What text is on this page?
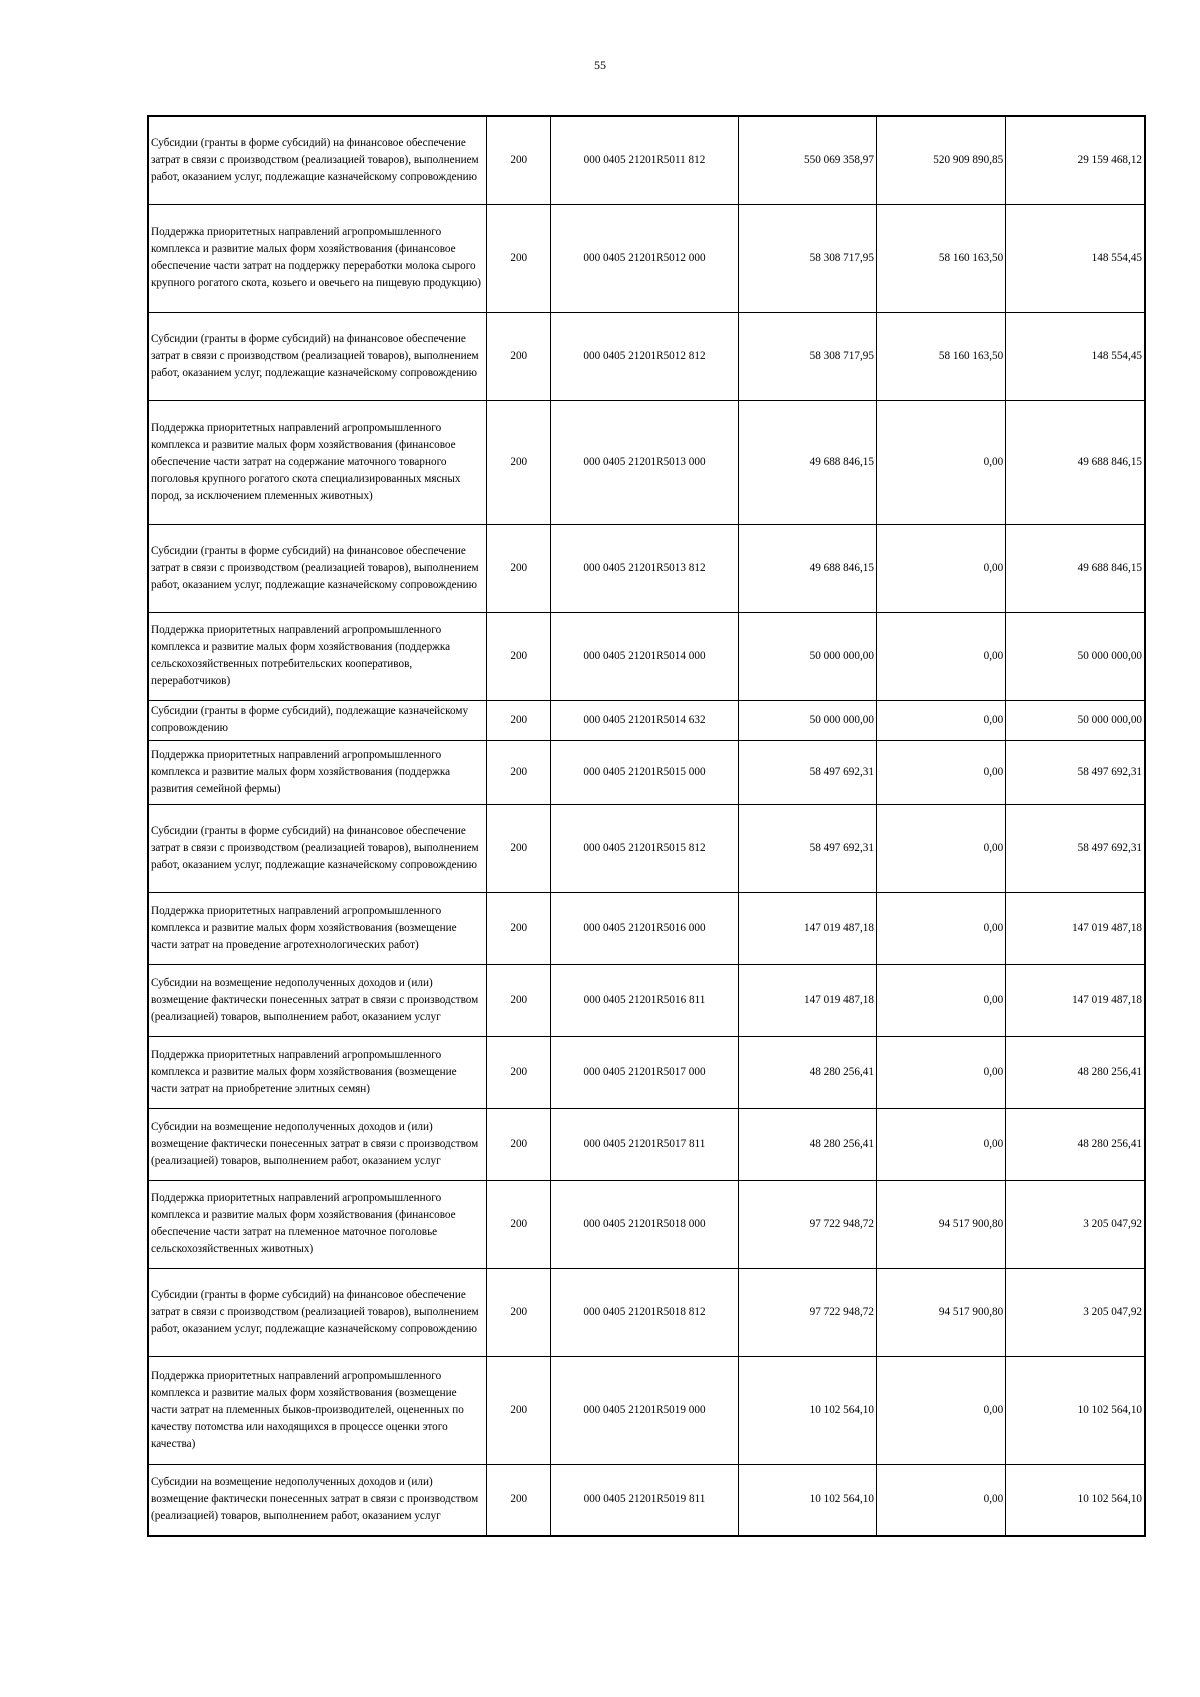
55
Субсидии (гранты в форме субсидий) на финансовое обеспечение затрат в связи с производством (реализацией товаров), выполнением работ, оказанием услуг, подлежащие казначейскому сопровождению	200	000 0405 21201R5011 812	550 069 358,97	520 909 890,85	29 159 468,12
Поддержка приоритетных направлений агропромышленного комплекса и развитие малых форм хозяйствования (финансовое обеспечение части затрат на поддержку переработки молока сырого крупного рогатого скота, козьего и овечьего на пищевую продукцию)	200	000 0405 21201R5012 000	58 308 717,95	58 160 163,50	148 554,45
Субсидии (гранты в форме субсидий) на финансовое обеспечение затрат в связи с производством (реализацией товаров), выполнением работ, оказанием услуг, подлежащие казначейскому сопровождению	200	000 0405 21201R5012 812	58 308 717,95	58 160 163,50	148 554,45
Поддержка приоритетных направлений агропромышленного комплекса и развитие малых форм хозяйствования (финансовое обеспечение части затрат на содержание маточного товарного поголовья крупного рогатого скота специализированных мясных пород, за исключением племенных животных)	200	000 0405 21201R5013 000	49 688 846,15	0,00	49 688 846,15
Субсидии (гранты в форме субсидий) на финансовое обеспечение затрат в связи с производством (реализацией товаров), выполнением работ, оказанием услуг, подлежащие казначейскому сопровождению	200	000 0405 21201R5013 812	49 688 846,15	0,00	49 688 846,15
Поддержка приоритетных направлений агропромышленного комплекса и развитие малых форм хозяйствования (поддержка сельскохозяйственных потребительских кооперативов, переработчиков)	200	000 0405 21201R5014 000	50 000 000,00	0,00	50 000 000,00
Субсидии (гранты в форме субсидий), подлежащие казначейскому сопровождению	200	000 0405 21201R5014 632	50 000 000,00	0,00	50 000 000,00
Поддержка приоритетных направлений агропромышленного комплекса и развитие малых форм хозяйствования (поддержка развития семейной фермы)	200	000 0405 21201R5015 000	58 497 692,31	0,00	58 497 692,31
Субсидии (гранты в форме субсидий) на финансовое обеспечение затрат в связи с производством (реализацией товаров), выполнением работ, оказанием услуг, подлежащие казначейскому сопровождению	200	000 0405 21201R5015 812	58 497 692,31	0,00	58 497 692,31
Поддержка приоритетных направлений агропромышленного комплекса и развитие малых форм хозяйствования (возмещение части затрат на проведение агротехнологических работ)	200	000 0405 21201R5016 000	147 019 487,18	0,00	147 019 487,18
Субсидии на возмещение недополученных доходов и (или) возмещение фактически понесенных затрат в связи с производством (реализацией) товаров, выполнением работ, оказанием услуг	200	000 0405 21201R5016 811	147 019 487,18	0,00	147 019 487,18
Поддержка приоритетных направлений агропромышленного комплекса и развитие малых форм хозяйствования (возмещение части затрат на приобретение элитных семян)	200	000 0405 21201R5017 000	48 280 256,41	0,00	48 280 256,41
Субсидии на возмещение недополученных доходов и (или) возмещение фактически понесенных затрат в связи с производством (реализацией) товаров, выполнением работ, оказанием услуг	200	000 0405 21201R5017 811	48 280 256,41	0,00	48 280 256,41
Поддержка приоритетных направлений агропромышленного комплекса и развитие малых форм хозяйствования (финансовое обеспечение части затрат на племенное маточное поголовье сельскохозяйственных животных)	200	000 0405 21201R5018 000	97 722 948,72	94 517 900,80	3 205 047,92
Субсидии (гранты в форме субсидий) на финансовое обеспечение затрат в связи с производством (реализацией товаров), выполнением работ, оказанием услуг, подлежащие казначейскому сопровождению	200	000 0405 21201R5018 812	97 722 948,72	94 517 900,80	3 205 047,92
Поддержка приоритетных направлений агропромышленного комплекса и развитие малых форм хозяйствования (возмещение части затрат на племенных быков-производителей, оцененных по качеству потомства или находящихся в процессе оценки этого качества)	200	000 0405 21201R5019 000	10 102 564,10	0,00	10 102 564,10
Субсидии на возмещение недополученных доходов и (или) возмещение фактически понесенных затрат в связи с производством (реализацией) товаров, выполнением работ, оказанием услуг	200	000 0405 21201R5019 811	10 102 564,10	0,00	10 102 564,10
